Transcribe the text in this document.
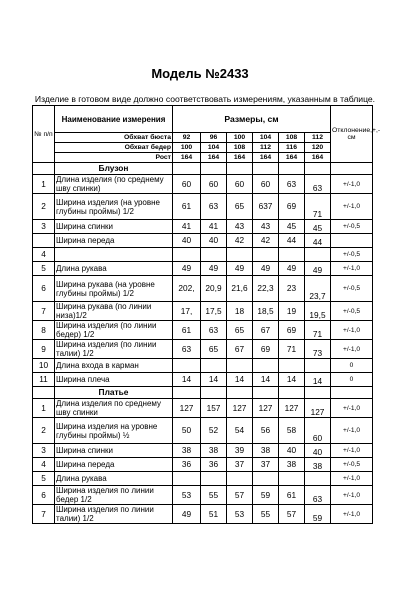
Модель №2433
Изделие в готовом виде должно соответствовать измерениям, указанным в таблице.
№ п/п	Наименование измерения	Размеры, см						Отклонение,+,- см
	Обхват бюста	92	96	100	104	108	112	
	Обхват бедер	100	104	108	112	116	120	
	Рост	164	164	164	164	164	164	
	Блузон							
1	Длина изделия (по среднему шву спинки)	60	60	60	60	63	63	+/-1,0
2	Ширина изделия (на уровне глубины проймы) 1/2	61	63	65	637	69	71	+/-1,0
3	Ширина спинки	41	41	43	43	45	45	+/-0,5
	Ширина переда	40	40	42	42	44	44	
4								+/-0,5
5	Длина рукава	49	49	49	49	49	49	+/-1,0
6	Ширина рукава (на уровне глубины проймы) 1/2	202,	20,9	21,6	22,3	23	23,7	+/-0,5
7	Ширина рукава (по линии низа)1/2	17,	17,5	18	18,5	19	19,5	+/-0,5
8	Ширина изделия (по линии бедер) 1/2	61	63	65	67	69	71	+/-1,0
9	Ширина изделия (по линии талии) 1/2	63	65	67	69	71	73	+/-1,0
10	Длина входа в карман							0
11	Ширина плеча	14	14	14	14	14	14	0
	Платье							
1	Длина изделия по среднему шву спинки	127	157	127	127	127	127	+/-1,0
2	Ширина изделия на уровне глубины проймы) ½	50	52	54	56	58	60	+/-1,0
3	Ширина спинки	38	38	39	38	40	40	+/-1,0
4	Ширина переда	36	36	37	37	38	38	+/-0,5
5	Длина рукава							+/-1,0
6	Ширина изделия по линии бедер 1/2	53	55	57	59	61	63	+/-1,0
7	Ширина изделия по линии талии) 1/2	49	51	53	55	57	59	+/-1,0
